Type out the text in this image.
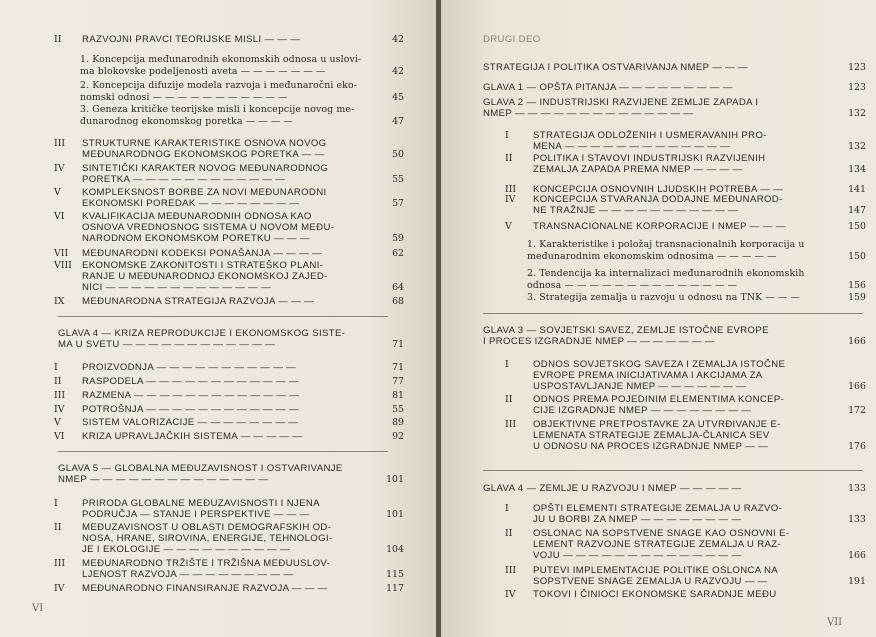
VI
II RAZVOJNI PRAVCI TEORIJSKE MISLI — — —	42
1. Koncepcija međunarodnih ekonomskih odnosa u uslovi-
ma blokovske podeljenosti aveta — — — — — — —	42
2. Koncepcija difuzije modela razvoja i međunaročni eko-
nomski odnosi — — — — — — — — — — —	45
3. Geneza kritičke teorijske misli i koncepcije novog me-
đunarodnog ekonomskog poretka — — — —	47
III STRUKTURNE KARAKTERISTIKE OSNOVA NOVOG
MEĐUNARODNOG EKONOMSKOG PORETKA — —	50
IV SINTETIČKI KARAKTER NOVOG MEĐUNARODNOG
PORETKA — — — — — — — — — — — —	55
V KOMPLEKSNOST BORBE ZA NOVI MEĐUNARODNI
EKONOMSKI POREDAK — — — — — — — —	57
VI KVALIFIKACIJA MEĐUNARODNIH ODNOSA KAO
OSNOVA VREDNOSNOG SISTEMA U NOVOM MEĐU-
NARODNOM EKONOMSKOM PORETKU — — —	59
VII MEĐUNARODNI KODEKSI PONAŠANJA — — — —	62
VIII EKONOMSKE ZAKONITOSTI I STRATEŠKO PLANI-
RANJE U MEĐUNARODNOJ EKONOMSKOJ ZAJED-
NICI — — — — — — — — — — — — —	64
IX MEĐUNARODNA STRATEGIJA RAZVOJA — — —	68
GLAVA 4 — KRIZA REPRODUKCIJE I EKONOMSKOG SISTE-
MA U SVETU — — — — — — — — — — — —	71
I	PROIZVODNJA — — — — — — — — — — —	71
II RASPODELA — — — — — — — — — — — —	77
III RAZMENA — — — — — — — — — — — — —	81
IV POTROŠNJA — — — — — — — — — — — —	55
V SISTEM VALORIZACIJE — — — — — — — —	89
VI KRIZA UPRAVLJAČKIH SISTEMA — — — — —	92
GLAVA 5 — GLOBALNA MEĐUZAVISNOST I OSTVARIVANJE
NMEP — — — — — — — — — — — — — —	101
I	PRIRODA GLOBALNE MEĐUZAVISNOSTI I NJENA
PODRUČJA — STANJE I PERSPEKTIVE — — —	101
II MEĐUZAVISNOST U OBLASTI DEMOGRAFSKIH OD-
NOSA, HRANE, SIROVINA, ENERGIJE, TEHNOLOGI-
JE I EKOLOGIJE — — — — — — — — — —	104
III MEĐUNARODNO TRŽIŠTE I TRŽIŠNA MEĐUUSLOV-
LJENOST RAZVOJA — — — — — — — — —	115
IV MEĐUNARODNO FINANSIRANJE RAZVOJA — — —	117
VII
DRUGI DEO
STRATEGIJA I POLITIKA OSTVARIVANJA NMEP — — —	123
GLAVA 1 — OPŠTA PITANJA — — — — — — — — —	123
GLAVA 2 — INDUSTRIJSKI RAZVIJENE ZEMLJE ZAPADA I
NMEP — — — — — — — — — — — — — —	132
I	STRATEGIJA ODLOŽENIH I USMERAVANIH PRO-
MENA — — — — — — — — — — — — —	132
II POLITIKA I STAVOVI INDUSTRIJSKI RAZVIJENIH
ZEMALJA ZAPADA PREMA NMEP — — — —	134
III KONCEPCIJA OSNOVNIH LJUDSKIH POTREBA — —	141
IV KONCEPCIJA STVARANJA DODAJNE MEĐUNAROD-
NE TRAŽNJE — — — — — — — — — — —	147
V TRANSNACIONALNE KORPORACIJE I NMEP — — —	150
1. Karakteristike i položaj transnacionalnih korporacija u
međunarodnim ekonomskim odnosima — — — — —	150
2. Tendencija ka internalizaci međunarodnih ekonomskih
odnosa — — — — — — — — — — — — — —	156
3. Strategija zemalja u razvoju u odnosu na TNK — — —	159
GLAVA 3 — SOVJETSKI SAVEZ, ZEMLJE ISTOČNE EVROPE
I PROCES IZGRADNJE NMEP — — — — — — —	166
I	ODNOS SOVJETSKOG SAVEZA I ZEMALJA ISTOČNE
EVROPE PREMA INICIJATIVAMA I AKCIJAMA ZA
USPOSTAVLJANJE NMEP — — — — — — —	166
II ODNOS PREMA POJEDINIM ELEMENTIMA KONCEP-
CIJE IZGRADNJE NMEP — — — — — — — —	172
III OBJEKTIVNE PRETPOSTAVKE ZA UTVRĐIVANJE E-
LEMENATA STRATEGIJE ZEMALJA-ČLANICA SEV
U ODNOSU NA PROCES IZGRADNJE NMEP — —	176
GLAVA 4 — ZEMLJE U RAZVOJU I NMEP — — — — —	133
I	OPŠTI ELEMENTI STRATEGIJE ZEMALJA U RAZVO-
JU U BORBI ZA NMEP — — — — — — — —	133
II OSLONAC NA SOPSTVENE SNAGE KAO OSNOVNI E-
LEMENT RAZVOJNE STRATEGIJE ZEMALJA U RAZ-
VOJU — — — — — — — — — — — — — —	166
III PUTEVI IMPLEMENTACIJE POLITIKE OSLONCA NA
SOPSTVENE SNAGE ZEMALJA U RAZVOJU — —	191
IV TOKOVI I ČINIOCI EKONOMSKE SARADNJE MEĐU
